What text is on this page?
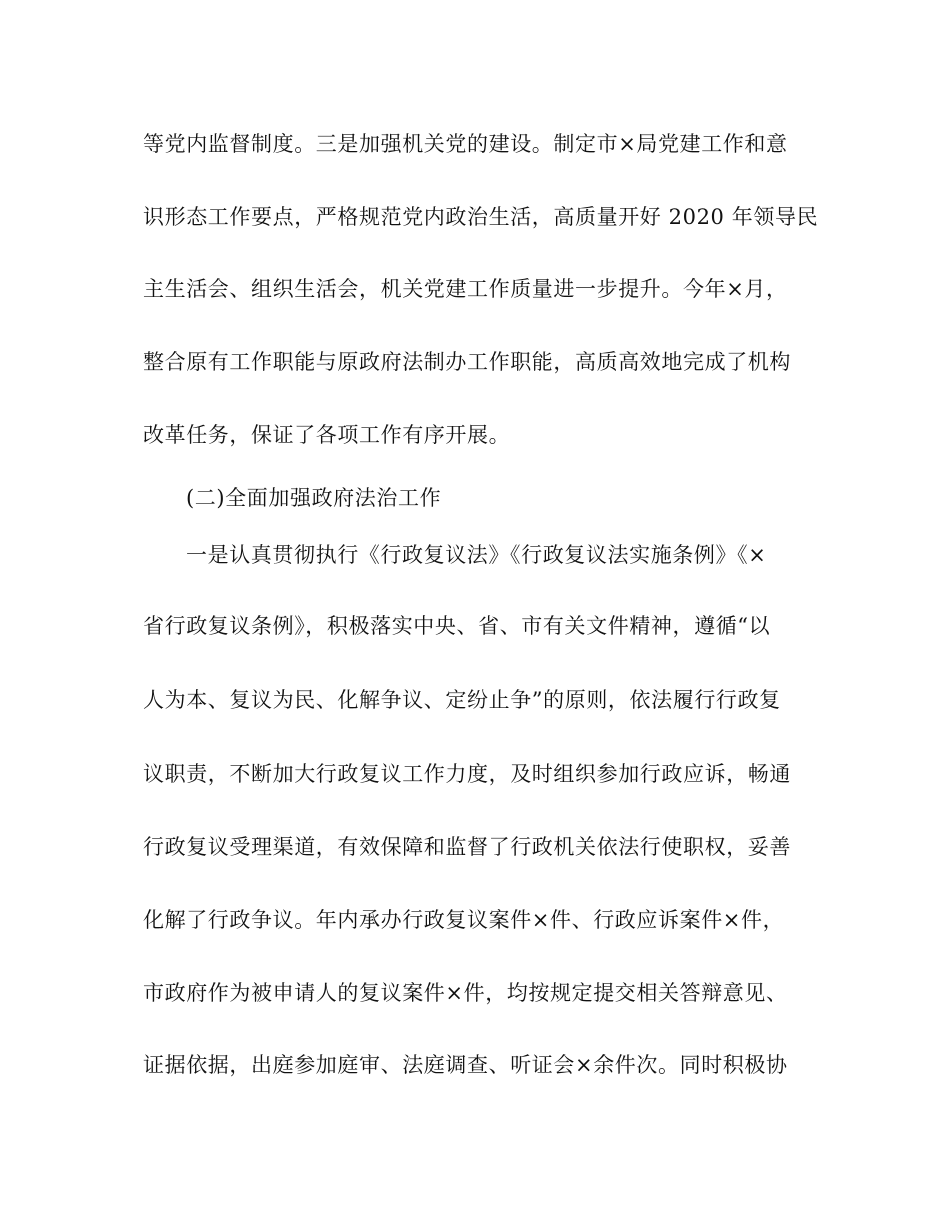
等党内监督制度。三是加强机关党的建设。制定市×局党建工作和意
识形态工作要点，严格规范党内政治生活，高质量开好 2020 年领导民
主生活会、组织生活会，机关党建工作质量进一步提升。今年×月，
整合原有工作职能与原政府法制办工作职能，高质高效地完成了机构
改革任务，保证了各项工作有序开展。
(二)全面加强政府法治工作
一是认真贯彻执行《行政复议法》《行政复议法实施条例》《×
省行政复议条例》，积极落实中央、省、市有关文件精神，遵循“以
人为本、复议为民、化解争议、定纷止争”的原则，依法履行行政复
议职责，不断加大行政复议工作力度，及时组织参加行政应诉，畅通
行政复议受理渠道，有效保障和监督了行政机关依法行使职权，妥善
化解了行政争议。年内承办行政复议案件×件、行政应诉案件×件，
市政府作为被申请人的复议案件×件，均按规定提交相关答辩意见、
证据依据，出庭参加庭审、法庭调查、听证会×余件次。同时积极协
